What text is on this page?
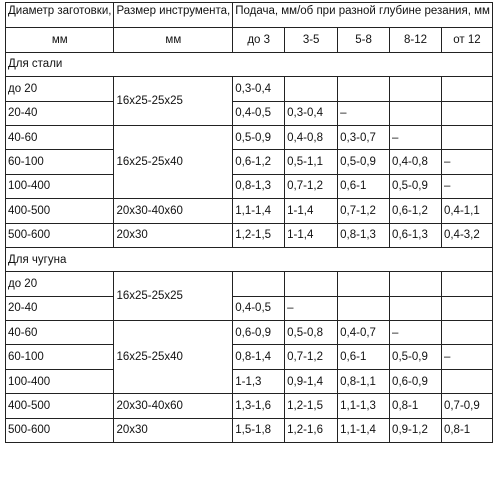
Диаметр заготовки,	Размер инструмента,	Подача, мм/об при разной глубине резания, мм				
мм	мм	до 3	3-5	5-8	8-12	от 12
Для стали						
до 20	16х25-25х25	0,3-0,4				
20-40		0,4-0,5	0,3-0,4	–		
40-60	16х25-25х40	0,5-0,9	0,4-0,8	0,3-0,7	–	
60-100		0,6-1,2	0,5-1,1	0,5-0,9	0,4-0,8	–
100-400		0,8-1,3	0,7-1,2	0,6-1	0,5-0,9	–
400-500	20х30-40х60	1,1-1,4	1-1,4	0,7-1,2	0,6-1,2	0,4-1,1
500-600	20х30	1,2-1,5	1-1,4	0,8-1,3	0,6-1,3	0,4-3,2
Для чугуна						
до 20	16х25-25х25					
20-40		0,4-0,5	–			
40-60	16х25-25х40	0,6-0,9	0,5-0,8	0,4-0,7	–	
60-100		0,8-1,4	0,7-1,2	0,6-1	0,5-0,9	–
100-400		1-1,3	0,9-1,4	0,8-1,1	0,6-0,9	
400-500	20х30-40х60	1,3-1,6	1,2-1,5	1,1-1,3	0,8-1	0,7-0,9
500-600	20х30	1,5-1,8	1,2-1,6	1,1-1,4	0,9-1,2	0,8-1
